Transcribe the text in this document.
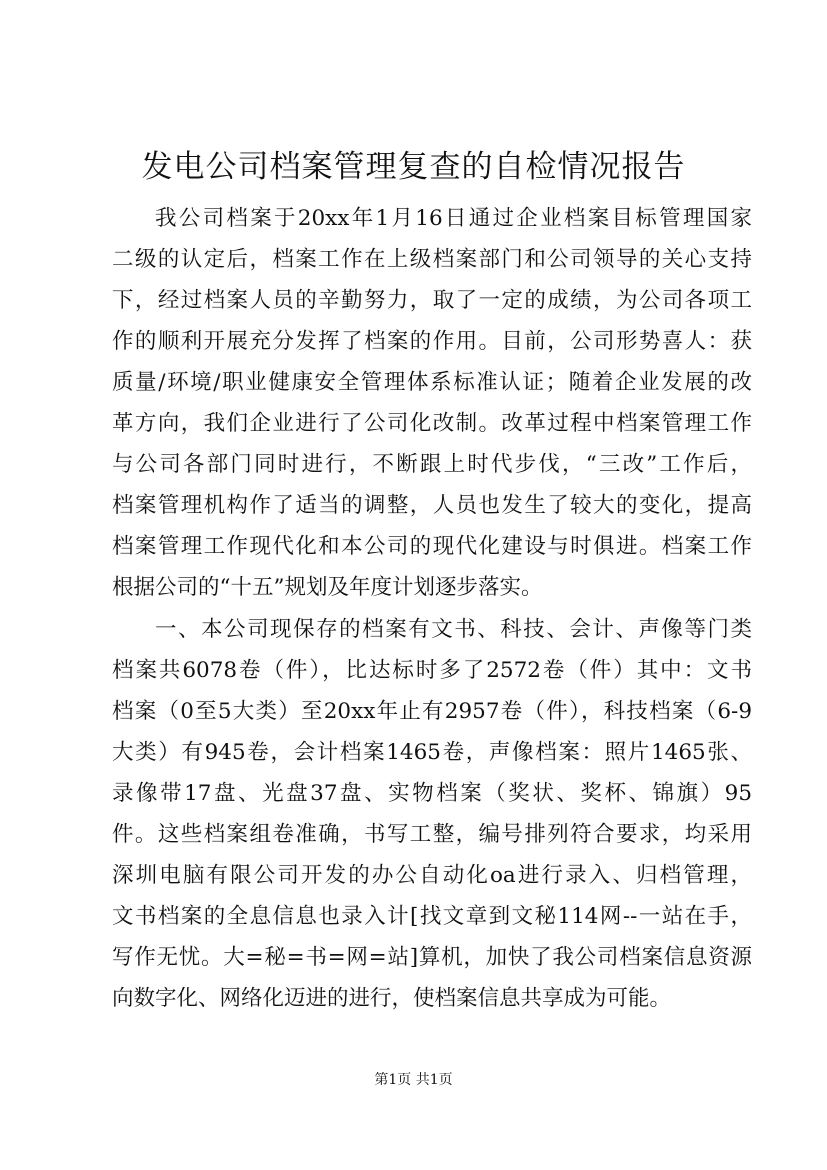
发电公司档案管理复查的自检情况报告
我公司档案于20xx年1月16日通过企业档案目标管理国家
二级的认定后，档案工作在上级档案部门和公司领导的关心支持
下，经过档案人员的辛勤努力，取了一定的成绩，为公司各项工
作的顺利开展充分发挥了档案的作用。目前，公司形势喜人：获
质量/环境/职业健康安全管理体系标准认证；随着企业发展的改
革方向，我们企业进行了公司化改制。改革过程中档案管理工作
与公司各部门同时进行，不断跟上时代步伐，“三改”工作后，
档案管理机构作了适当的调整，人员也发生了较大的变化，提高
档案管理工作现代化和本公司的现代化建设与时俱进。档案工作
根据公司的“十五”规划及年度计划逐步落实。
一、本公司现保存的档案有文书、科技、会计、声像等门类
档案共6078卷（件），比达标时多了2572卷（件）其中：文书
档案（0至5大类）至20xx年止有2957卷（件），科技档案（6-9
大类）有945卷，会计档案1465卷，声像档案：照片1465张、
录像带17盘、光盘37盘、实物档案（奖状、奖杯、锦旗）95
件。这些档案组卷准确，书写工整，编号排列符合要求，均采用
深圳电脑有限公司开发的办公自动化oa进行录入、归档管理，
文书档案的全息信息也录入计[找文章到文秘114网--一站在手，
写作无忧。大=秘=书=网=站]算机，加快了我公司档案信息资源
向数字化、网络化迈进的进行，使档案信息共享成为可能。
第1页 共1页
